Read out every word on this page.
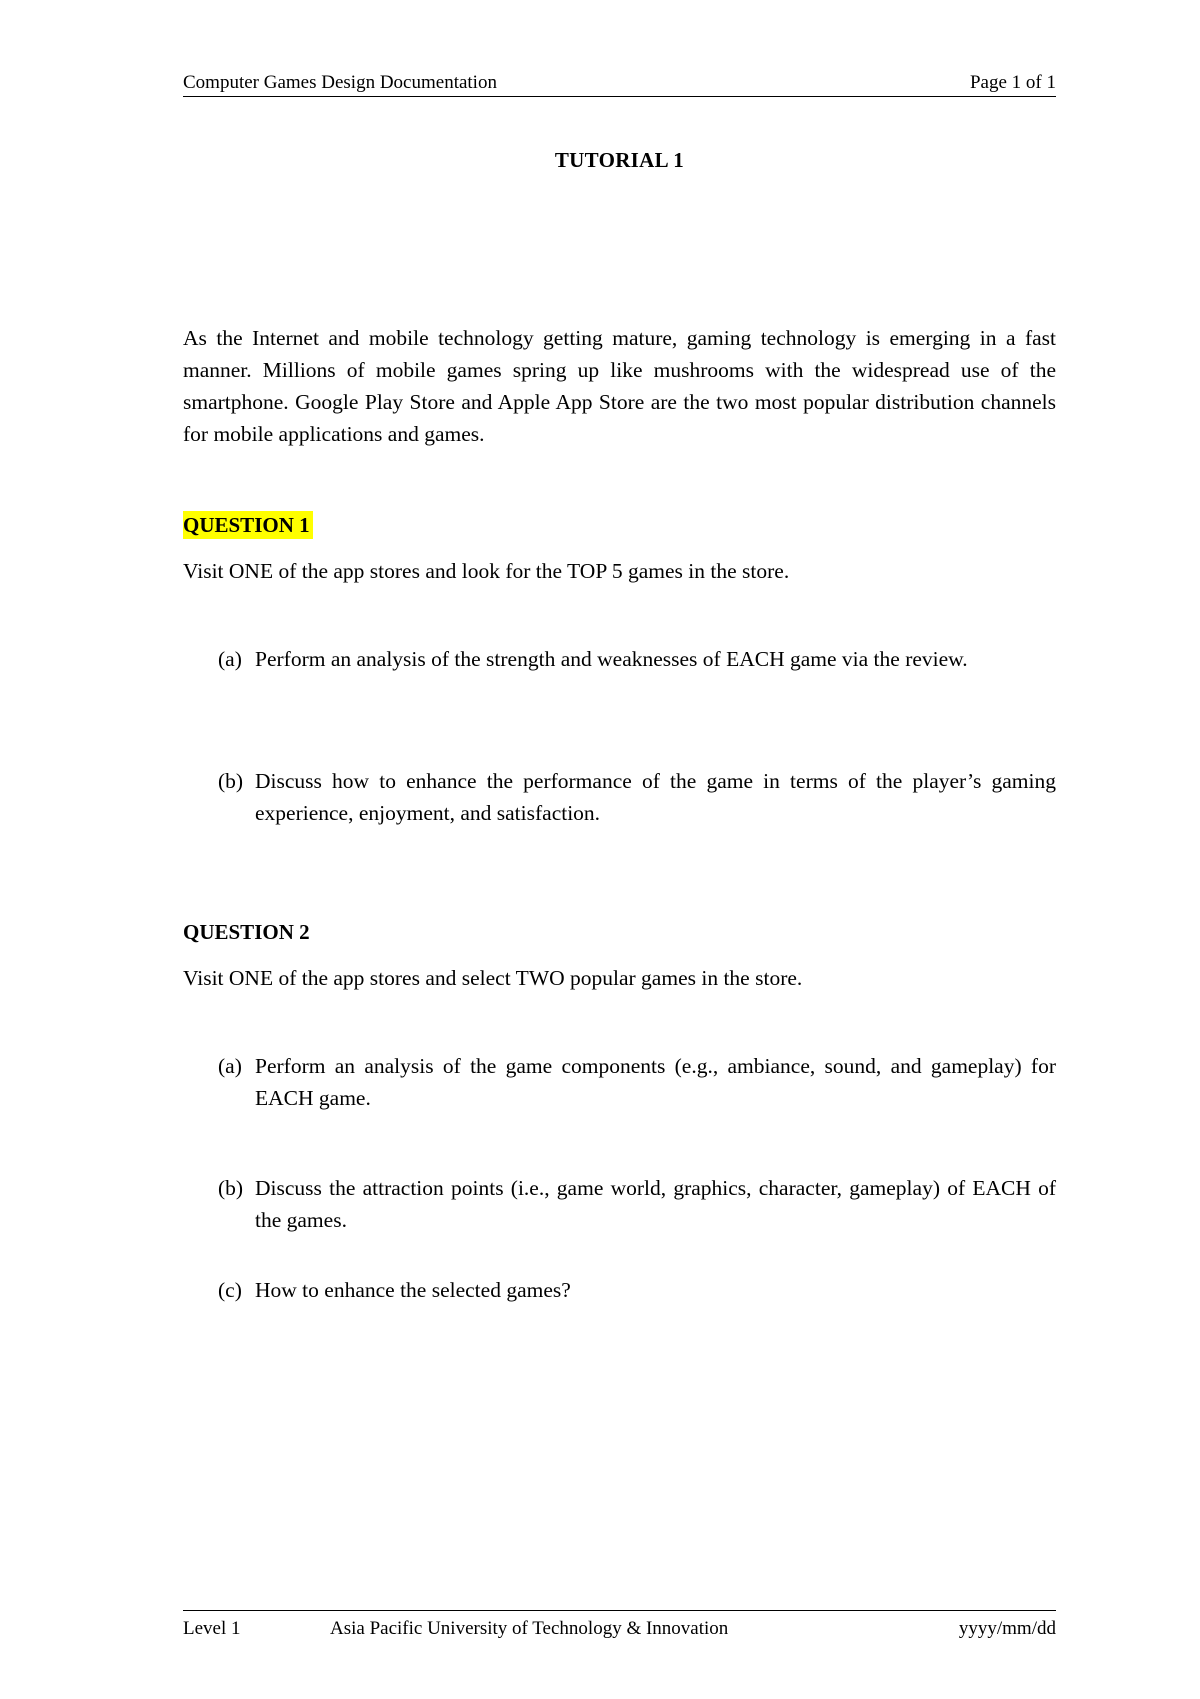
Computer Games Design Documentation	Page 1 of 1
TUTORIAL 1
As the Internet and mobile technology getting mature, gaming technology is emerging in a fast manner. Millions of mobile games spring up like mushrooms with the widespread use of the smartphone. Google Play Store and Apple App Store are the two most popular distribution channels for mobile applications and games.
QUESTION 1
Visit ONE of the app stores and look for the TOP 5 games in the store.
(a) Perform an analysis of the strength and weaknesses of EACH game via the review.
(b) Discuss how to enhance the performance of the game in terms of the player’s gaming experience, enjoyment, and satisfaction.
QUESTION 2
Visit ONE of the app stores and select TWO popular games in the store.
(a) Perform an analysis of the game components (e.g., ambiance, sound, and gameplay) for EACH game.
(b) Discuss the attraction points (i.e., game world, graphics, character, gameplay) of EACH of the games.
(c) How to enhance the selected games?
Level 1	Asia Pacific University of Technology & Innovation	yyyy/mm/dd
